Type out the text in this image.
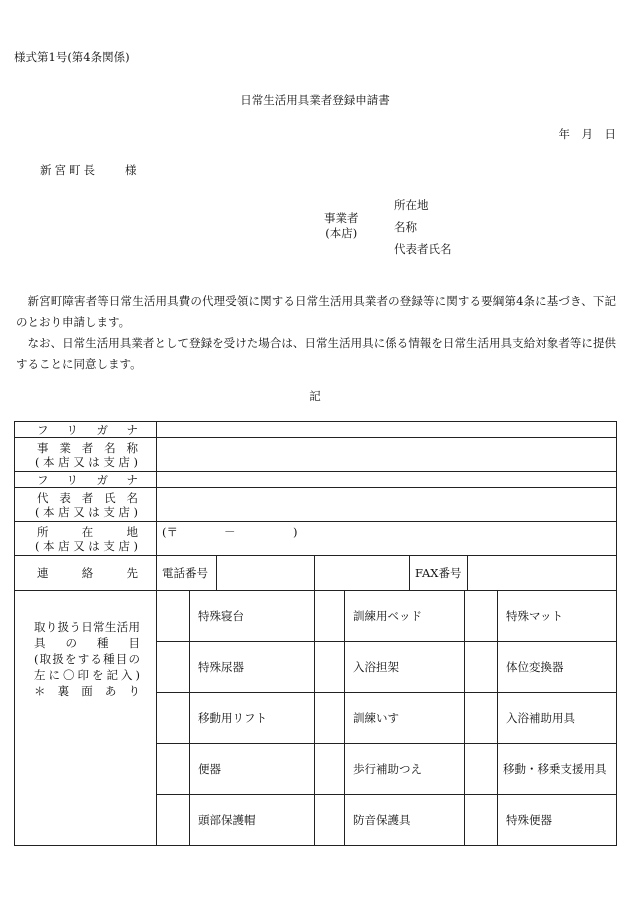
様式第1号(第4条関係)
日常生活用具業者登録申請書
年　月　日
新宮町長 様
事業者
(本店)
所在地
名称
代表者氏名

新宮町障害者等日常生活用具費の代理受領に関する日常生活用具業者の登録等に関する要綱第4条に基づき、下記のとおり申請します。

なお、日常生活用具業者として登録を受けた場合は、日常生活用具に係る情報を日常生活用具支給対象者等に提供することに同意します。

記
フリガナ						

事業者名称
(本店又は支店)						

フリガナ						

代表者氏名
(本店又は支店)						

所在地
(本店又は支店)	(〒　　　　－　　　　　)					
連絡先	電話番号		FAX番号			

取り扱う日常生活用
具の種目
(取扱をする種目の
左に〇印を記入)
＊裏面あり		特殊寝台		訓練用ベッド		特殊マット
		特殊尿器		入浴担架		体位変換器
		移動用リフト		訓練いす		入浴補助用具
		便器		歩行補助つえ		移動・移乗支援用具
		頭部保護帽		防音保護具		特殊便器
